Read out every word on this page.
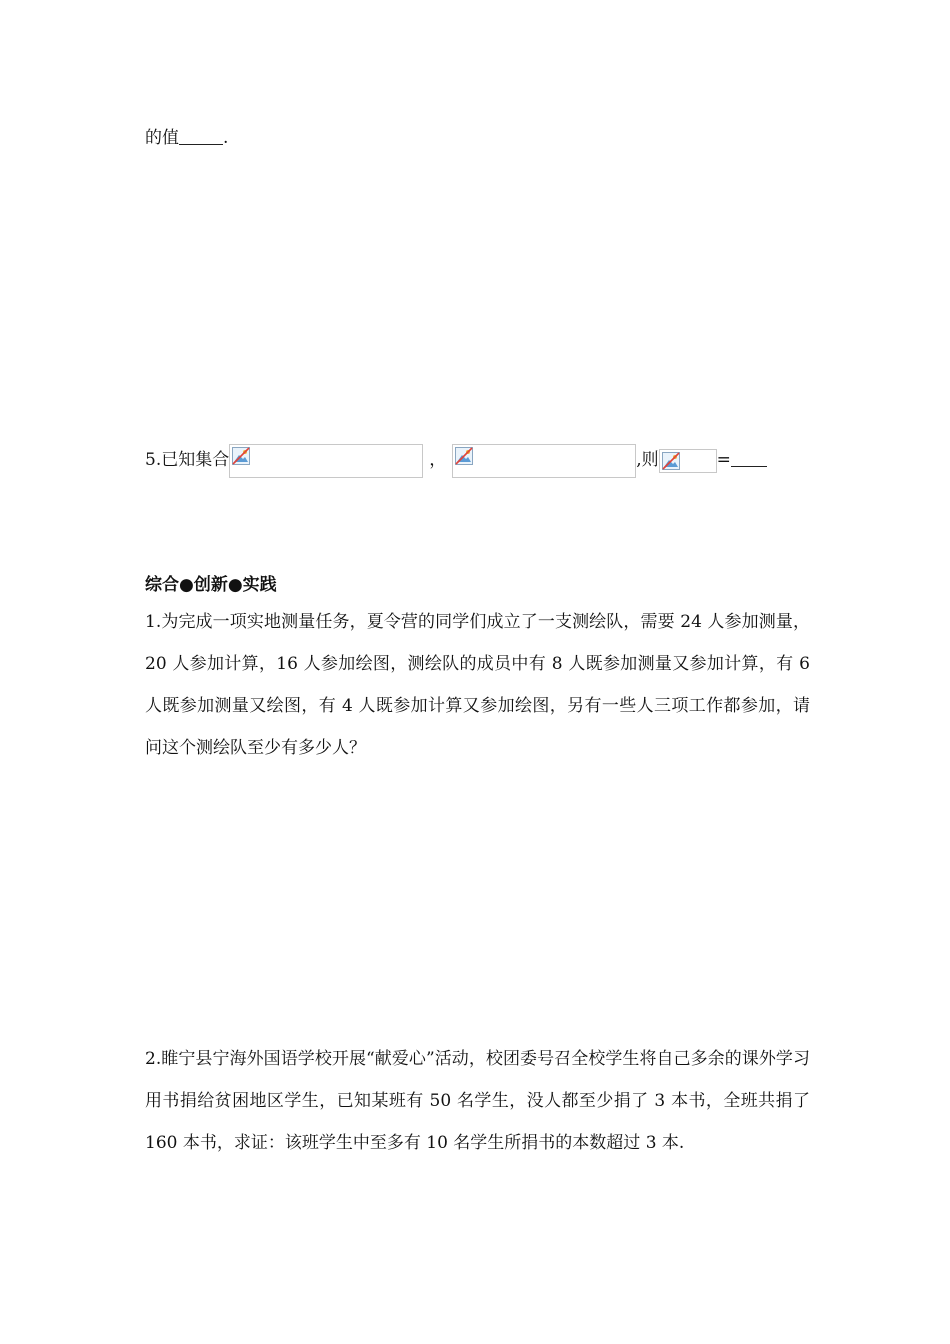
的值	.
5.已知集合	，	,则	=
综合●创新●实践
1.为完成一项实地测量任务，夏令营的同学们成立了一支测绘队，需要 24 人参加测量，20 人参加计算，16 人参加绘图，测绘队的成员中有 8 人既参加测量又参加计算，有 6 人既参加测量又绘图，有 4 人既参加计算又参加绘图，另有一些人三项工作都参加，请问这个测绘队至少有多少人？
2.睢宁县宁海外国语学校开展“献爱心”活动，校团委号召全校学生将自己多余的课外学习用书捐给贫困地区学生，已知某班有 50 名学生，没人都至少捐了 3 本书，全班共捐了 160 本书，求证：该班学生中至多有 10 名学生所捐书的本数超过 3 本.
